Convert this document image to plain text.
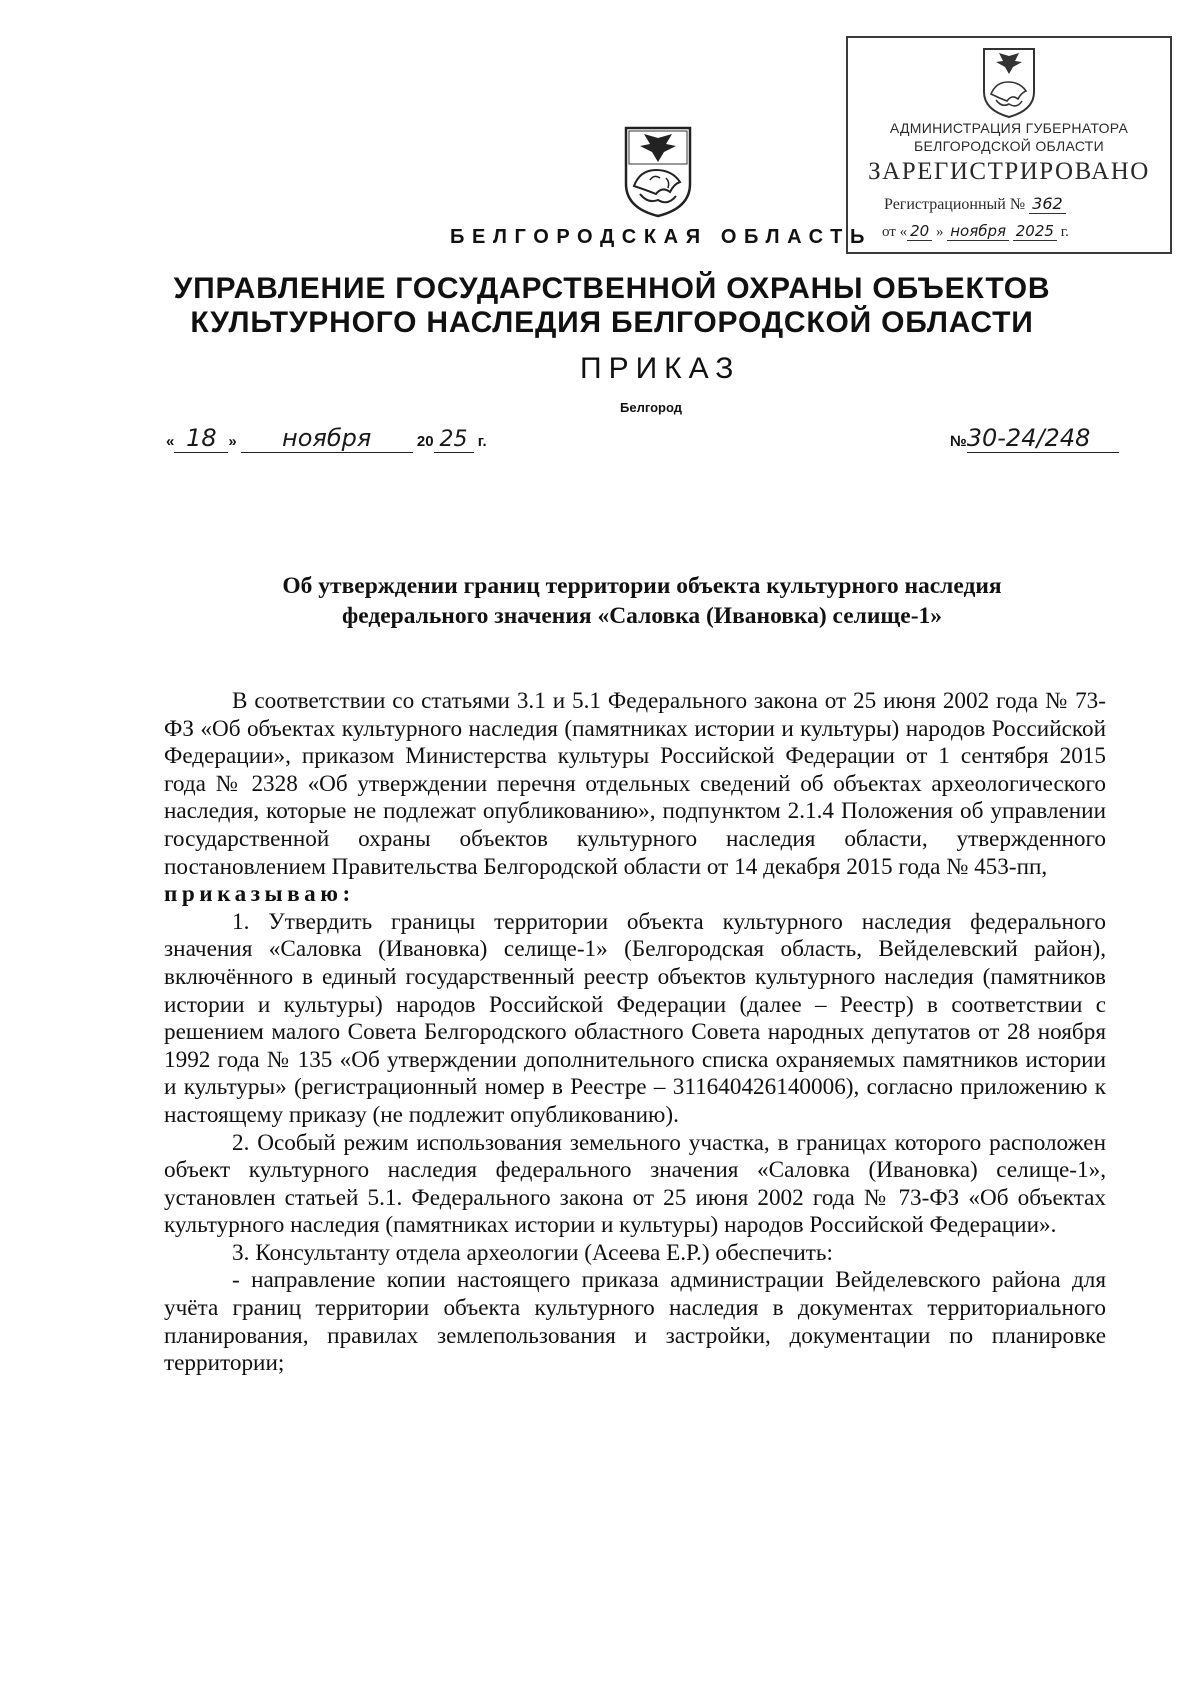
АДМИНИСТРАЦИЯ ГУБЕРНАТОРА
БЕЛГОРОДСКОЙ ОБЛАСТИ
ЗАРЕГИСТРИРОВАНО
Регистрационный № 362
от « 20 » ноября 2025 г.
БЕЛГОРОДСКАЯ ОБЛАСТЬ
УПРАВЛЕНИЕ ГОСУДАРСТВЕННОЙ ОХРАНЫ ОБЪЕКТОВ
КУЛЬТУРНОГО НАСЛЕДИЯ БЕЛГОРОДСКОЙ ОБЛАСТИ
ПРИКАЗ
Белгород
« 18 » ноября	20 25 г.	№30-24/248
Об утверждении границ территории объекта культурного наследия
федерального значения «Саловка (Ивановка) селище-1»

В соответствии со статьями 3.1 и 5.1 Федерального закона от 25 июня 2002 года № 73-ФЗ «Об объектах культурного наследия (памятниках истории и культуры) народов Российской Федерации», приказом Министерства культуры Российской Федерации от 1 сентября 2015 года № 2328 «Об утверждении перечня отдельных сведений об объектах археологического наследия, которые не подлежат опубликованию», подпунктом 2.1.4 Положения об управлении государственной охраны объектов культурного наследия области, утвержденного постановлением Правительства Белгородской области от 14 декабря 2015 года № 453-пп,

приказываю:

1. Утвердить границы территории объекта культурного наследия федерального значения «Саловка (Ивановка) селище-1» (Белгородская область, Вейделевский район), включённого в единый государственный реестр объектов культурного наследия (памятников истории и культуры) народов Российской Федерации (далее – Реестр) в соответствии с решением малого Совета Белгородского областного Совета народных депутатов от 28 ноября 1992 года № 135 «Об утверждении дополнительного списка охраняемых памятников истории и культуры» (регистрационный номер в Реестре – 311640426140006), согласно приложению к настоящему приказу (не подлежит опубликованию).

2. Особый режим использования земельного участка, в границах которого расположен объект культурного наследия федерального значения «Саловка (Ивановка) селище-1», установлен статьей 5.1. Федерального закона от 25 июня 2002 года № 73-ФЗ «Об объектах культурного наследия (памятниках истории и культуры) народов Российской Федерации».

3. Консультанту отдела археологии (Асеева Е.Р.) обеспечить:

- направление копии настоящего приказа администрации Вейделевского района для учёта границ территории объекта культурного наследия в документах территориального планирования, правилах землепользования и застройки, документации по планировке территории;
